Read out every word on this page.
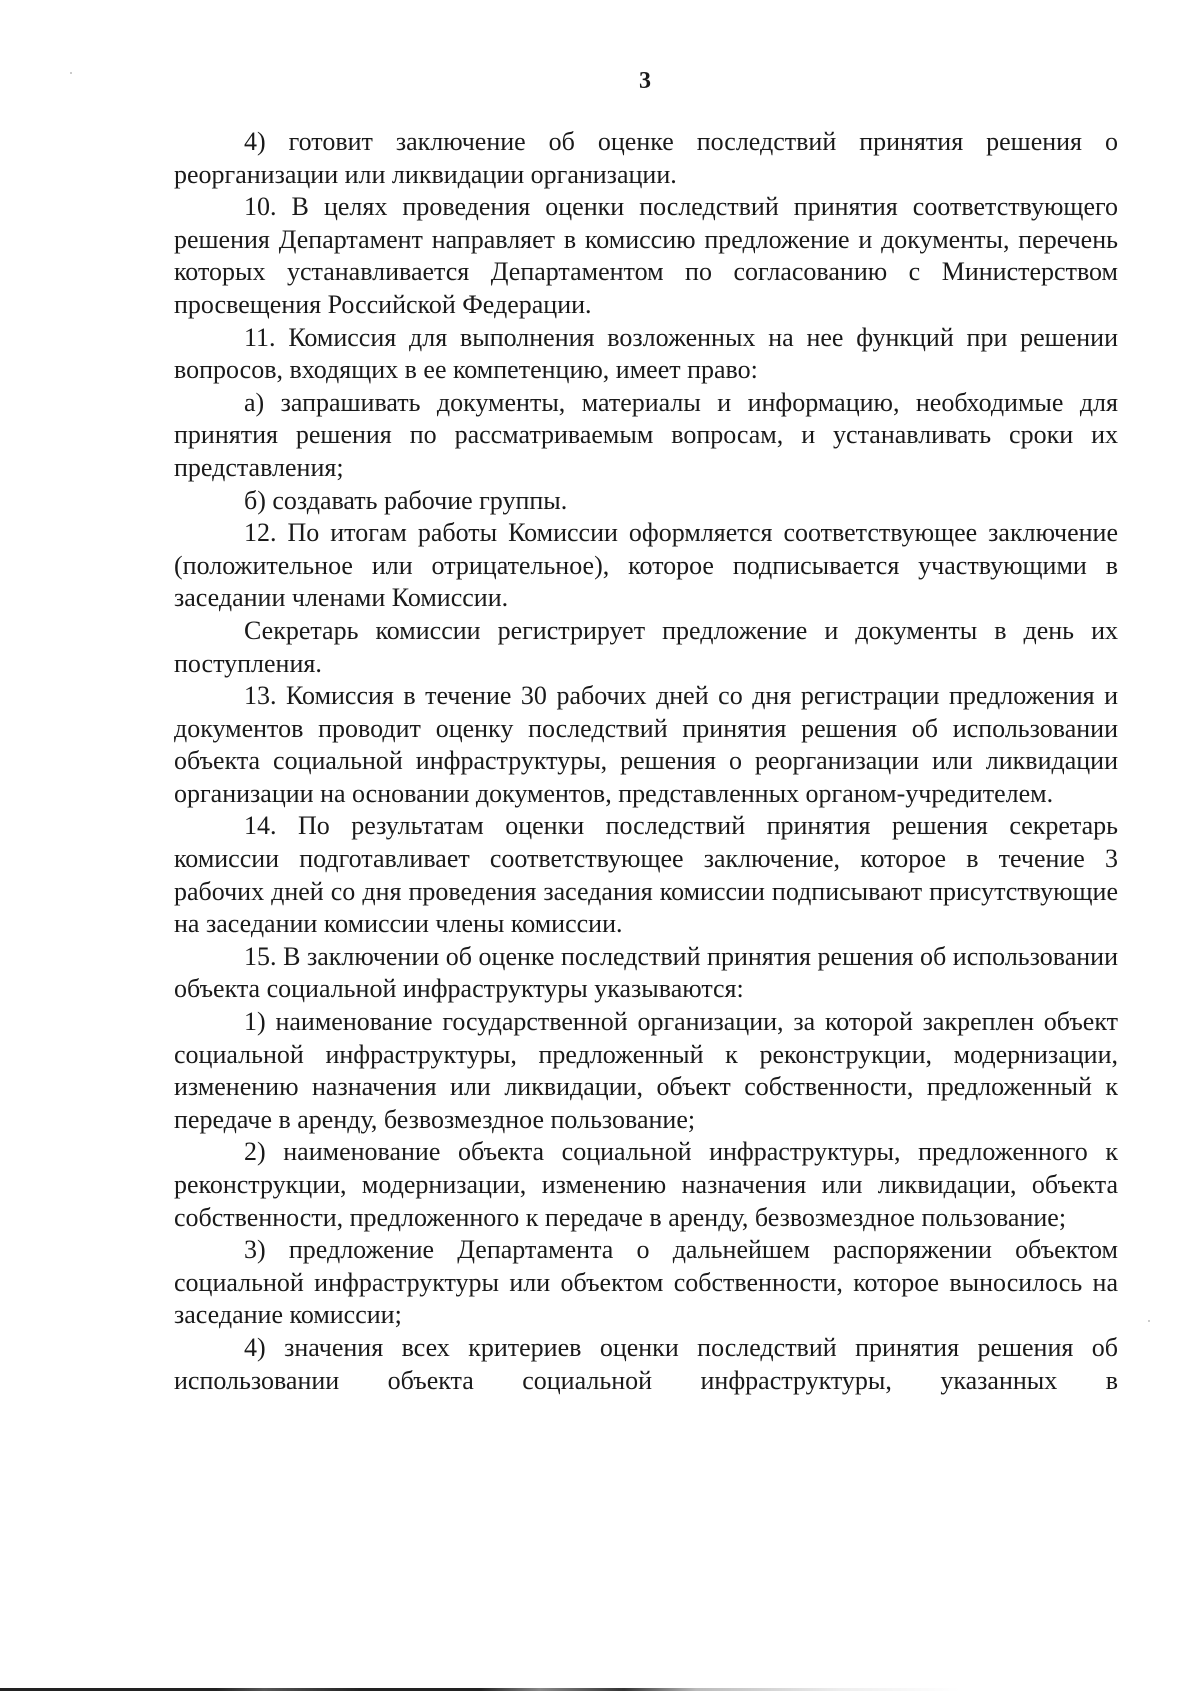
3

4) готовит заключение об оценке последствий принятия решения о реорганизации или ликвидации организации.

10. В целях проведения оценки последствий принятия соответствующего решения Департамент направляет в комиссию предложение и документы, перечень которых устанавливается Департаментом по согласованию с Министерством просвещения Российской Федерации.

11. Комиссия для выполнения возложенных на нее функций при решении вопросов, входящих в ее компетенцию, имеет право:

а) запрашивать документы, материалы и информацию, необходимые для принятия решения по рассматриваемым вопросам, и устанавливать сроки их представления;

б) создавать рабочие группы.

12. По итогам работы Комиссии оформляется соответствующее заключение (положительное или отрицательное), которое подписывается участвующими в заседании членами Комиссии.

Секретарь комиссии регистрирует предложение и документы в день их поступления.

13. Комиссия в течение 30 рабочих дней со дня регистрации предложения и документов проводит оценку последствий принятия решения об использовании объекта социальной инфраструктуры, решения о реорганизации или ликвидации организации на основании документов, представленных органом-учредителем.

14. По результатам оценки последствий принятия решения секретарь комиссии подготавливает соответствующее заключение, которое в течение 3 рабочих дней со дня проведения заседания комиссии подписывают присутствующие на заседании комиссии члены комиссии.

15. В заключении об оценке последствий принятия решения об использовании объекта социальной инфраструктуры указываются:

1) наименование государственной организации, за которой закреплен объект социальной инфраструктуры, предложенный к реконструкции, модернизации, изменению назначения или ликвидации, объект собственности, предложенный к передаче в аренду, безвозмездное пользование;

2) наименование объекта социальной инфраструктуры, предложенного к реконструкции, модернизации, изменению назначения или ликвидации, объекта собственности, предложенного к передаче в аренду, безвозмездное пользование;

3) предложение Департамента о дальнейшем распоряжении объектом социальной инфраструктуры или объектом собственности, которое выносилось на заседание комиссии;

4) значения всех критериев оценки последствий принятия решения об использовании объекта социальной инфраструктуры, указанных в
